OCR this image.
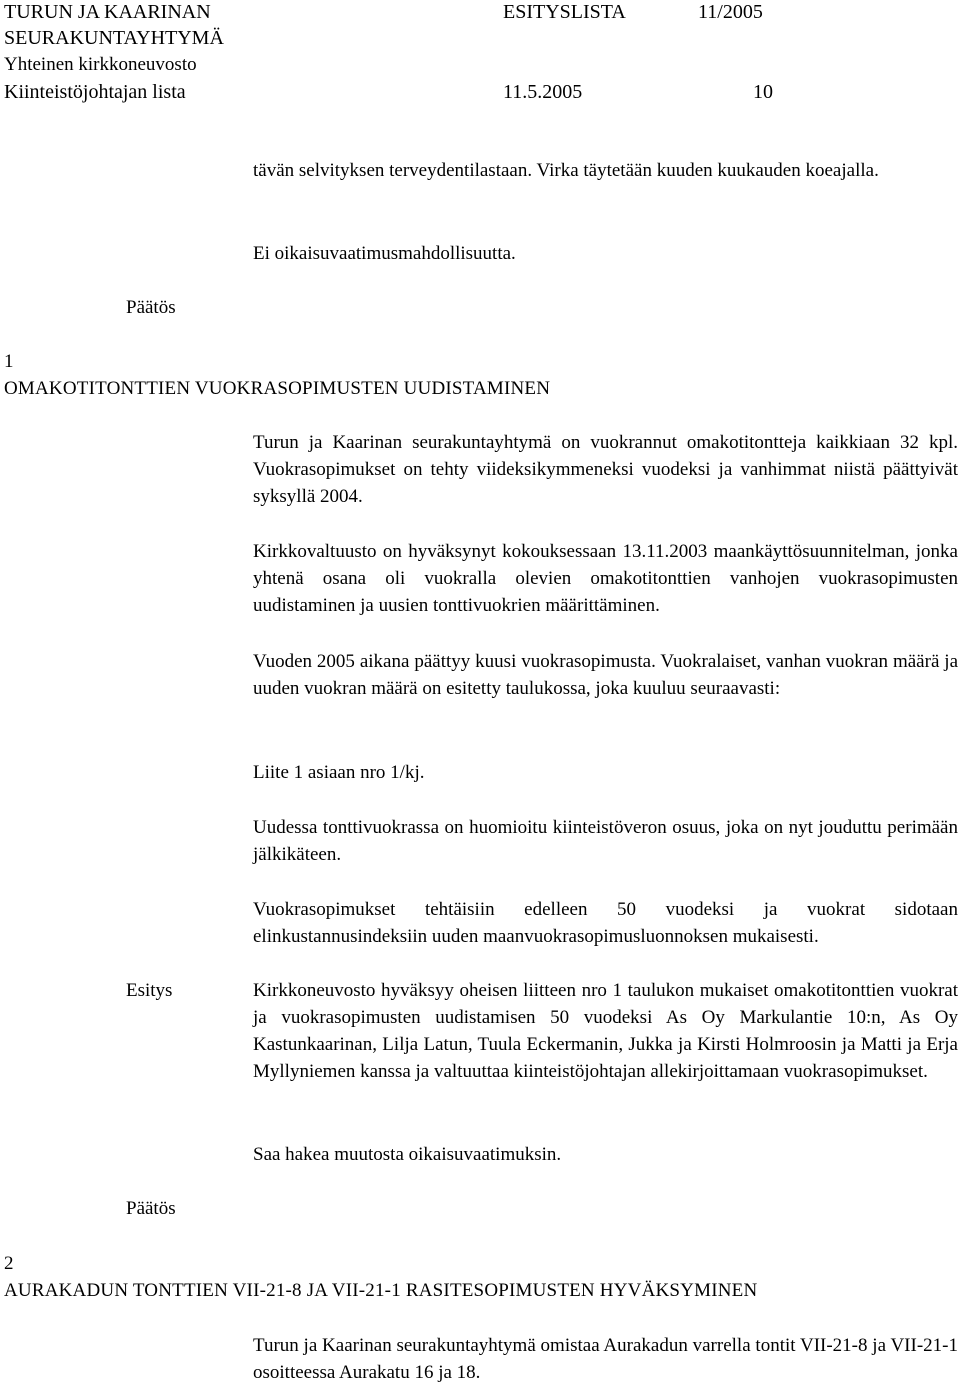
TURUN JA KAARINAN

SEURAKUNTAYHTYMÄ

Yhteinen kirkkoneuvosto

Kiinteistöjohtajan lista

ESITYSLISTA	11/2005

11.5.2005	10

tävän selvityksen terveydentilastaan. Virka täytetään kuuden kuukauden koeajalla.

Ei oikaisuvaatimusmahdollisuutta.

Päätös

1

OMAKOTITONTTIEN VUOKRASOPIMUSTEN UUDISTAMINEN

Turun ja Kaarinan seurakuntayhtymä on vuokrannut omakotitontteja kaikkiaan 32 kpl. Vuokrasopimukset on tehty viideksikymmeneksi vuodeksi ja vanhimmat niistä päättyivät syksyllä 2004.

Kirkkovaltuusto on hyväksynyt kokouksessaan 13.11.2003 maankäyttösuunnitelman, jonka yhtenä osana oli vuokralla olevien omakotitonttien vanhojen vuokrasopimusten uudistaminen ja uusien tonttivuokrien määrittäminen.

Vuoden 2005 aikana päättyy kuusi vuokrasopimusta. Vuokralaiset, vanhan vuokran määrä ja uuden vuokran määrä on esitetty taulukossa, joka kuuluu seuraavasti:

Liite 1 asiaan nro 1/kj.

Uudessa tonttivuokrassa on huomioitu kiinteistöveron osuus, joka on nyt jouduttu perimään jälkikäteen.

Vuokrasopimukset tehtäisiin edelleen 50 vuodeksi ja vuokrat sidotaan elinkustannusindeksiin uuden maanvuokrasopimusluonnoksen mukaisesti.

Esitys	Kirkkoneuvosto hyväksyy oheisen liitteen nro 1 taulukon mukaiset omakotitonttien vuokrat ja vuokrasopimusten uudistamisen 50 vuodeksi As Oy Markulantie 10:n, As Oy Kastunkaarinan, Lilja Latun, Tuula Eckermanin, Jukka ja Kirsti Holmroosin ja Matti ja Erja Myllyniemen kanssa ja valtuuttaa kiinteistöjohtajan allekirjoittamaan vuokrasopimukset.

Saa hakea muutosta oikaisuvaatimuksin.

Päätös

2

AURAKADUN TONTTIEN VII-21-8 JA VII-21-1 RASITESOPIMUSTEN HYVÄKSYMINEN

Turun ja Kaarinan seurakuntayhtymä omistaa Aurakadun varrella tontit VII-21-8 ja VII-21-1 osoitteessa Aurakatu 16 ja 18.
